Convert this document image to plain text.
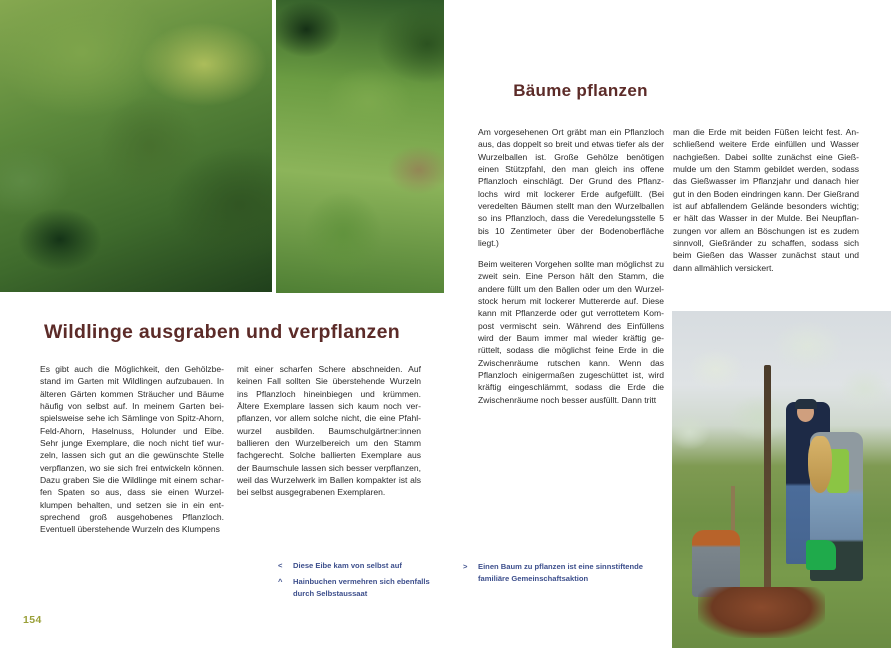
Wildlinge ausgraben und verpflanzen
Es gibt auch die Möglichkeit, den Gehölzbestand im Garten mit Wildlingen aufzubauen. In älteren Gärten kommen Sträucher und Bäume häufig von selbst auf. In meinem Garten beispielsweise sehe ich Sämlinge von Spitz-Ahorn, Feld-Ahorn, Haselnuss, Holunder und Eibe. Sehr junge Exemplare, die noch nicht tief wurzeln, lassen sich gut an die gewünschte Stelle verpflanzen, wo sie sich frei entwickeln können. Dazu graben Sie die Wildlinge mit einem scharfen Spaten so aus, dass sie einen Wurzelklumpen behalten, und setzen sie in ein entsprechend groß ausgehobenes Pflanzloch. Eventuell überstehende Wurzeln des Klumpens
mit einer scharfen Schere abschneiden. Auf keinen Fall sollten Sie überstehende Wurzeln ins Pflanzloch hineinbiegen und krümmen. Ältere Exemplare lassen sich kaum noch verpflanzen, vor allem solche nicht, die eine Pfahlwurzel ausbilden. Baumschulgärtner:innen ballieren den Wurzelbereich um den Stamm fachgerecht. Solche ballierten Exemplare aus der Baumschule lassen sich besser verpflanzen, weil das Wurzelwerk im Ballen kompakter ist als bei selbst ausgegrabenen Exemplaren.
<	Diese Eibe kam von selbst auf
^	Hainbuchen vermehren sich ebenfalls durch Selbstaussaat
154
Bäume pflanzen
Am vorgesehenen Ort gräbt man ein Pflanzloch aus, das doppelt so breit und etwas tiefer als der Wurzelballen ist. Große Gehölze benötigen einen Stützpfahl, den man gleich ins offene Pflanzloch einschlägt. Der Grund des Pflanzlochs wird mit lockerer Erde aufgefüllt. (Bei veredelten Bäumen stellt man den Wurzelballen so ins Pflanzloch, dass die Veredelungsstelle 5 bis 10 Zentimeter über der Bodenoberfläche liegt.)
Beim weiteren Vorgehen sollte man möglichst zu zweit sein. Eine Person hält den Stamm, die andere füllt um den Ballen oder um den Wurzelstock herum mit lockerer Muttererde auf. Diese kann mit Pflanzerde oder gut verrottetem Kompost vermischt sein. Während des Einfüllens wird der Baum immer mal wieder kräftig gerüttelt, sodass die möglichst feine Erde in die Zwischenräume rutschen kann. Wenn das Pflanzloch einigermaßen zugeschüttet ist, wird kräftig eingeschlämmt, sodass die Erde die Zwischenräume noch besser ausfüllt. Dann tritt
man die Erde mit beiden Füßen leicht fest. Anschließend weitere Erde einfüllen und Wasser nachgießen. Dabei sollte zunächst eine Gießmulde um den Stamm gebildet werden, sodass das Gießwasser im Pflanzjahr und danach hier gut in den Boden eindringen kann. Der Gießrand ist auf abfallendem Gelände besonders wichtig; er hält das Wasser in der Mulde. Bei Neupflanzungen vor allem an Böschungen ist es zudem sinnvoll, Gießränder zu schaffen, sodass sich beim Gießen das Wasser zunächst staut und dann allmählich versickert.
>	Einen Baum zu pflanzen ist eine sinnstiftende familiäre Gemeinschaftsaktion
